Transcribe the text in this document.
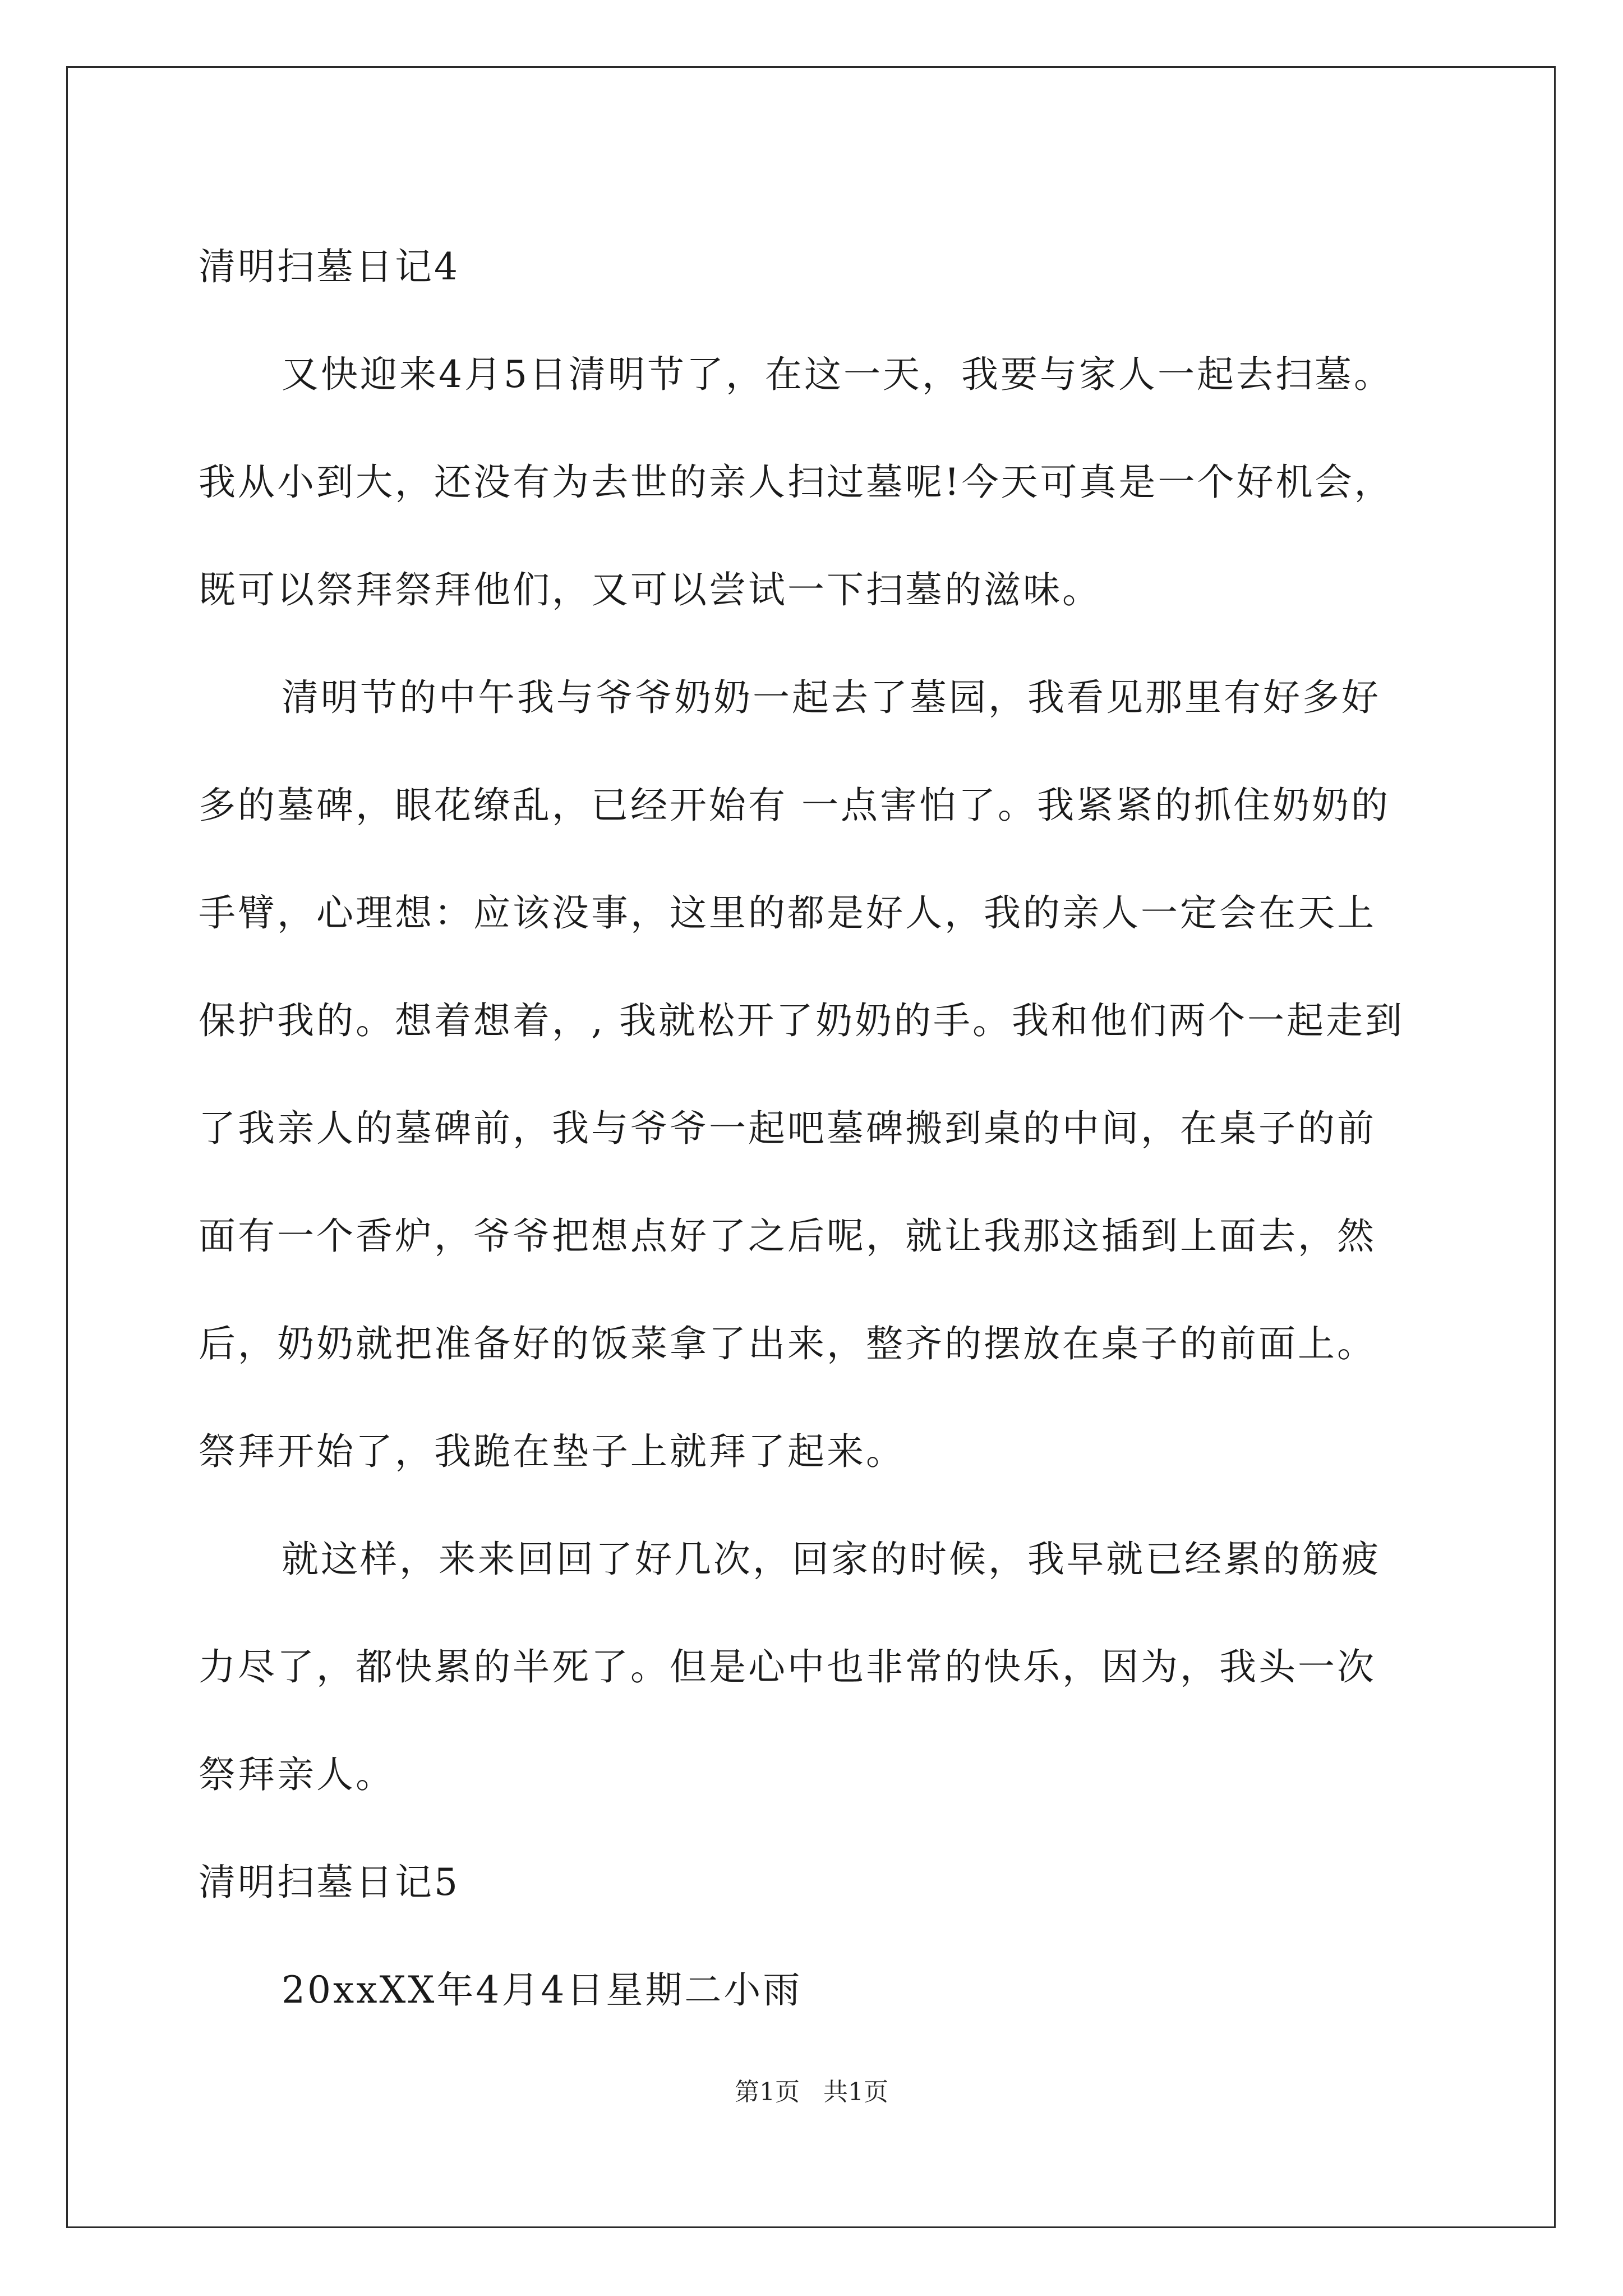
清明扫墓日记4
又快迎来4月5日清明节了，在这一天，我要与家人一起去扫墓。
我从小到大，还没有为去世的亲人扫过墓呢!今天可真是一个好机会，
既可以祭拜祭拜他们，又可以尝试一下扫墓的滋味。
清明节的中午我与爷爷奶奶一起去了墓园，我看见那里有好多好
多的墓碑，眼花缭乱，已经开始有 一点害怕了。我紧紧的抓住奶奶的
手臂，心理想：应该没事，这里的都是好人，我的亲人一定会在天上
保护我的。想着想着，, 我就松开了奶奶的手。我和他们两个一起走到
了我亲人的墓碑前，我与爷爷一起吧墓碑搬到桌的中间，在桌子的前
面有一个香炉，爷爷把想点好了之后呢，就让我那这插到上面去，然
后，奶奶就把准备好的饭菜拿了出来，整齐的摆放在桌子的前面上。
祭拜开始了，我跪在垫子上就拜了起来。
就这样，来来回回了好几次，回家的时候，我早就已经累的筋疲
力尽了，都快累的半死了。但是心中也非常的快乐，因为，我头一次
祭拜亲人。
清明扫墓日记5
20xxXX年4月4日星期二小雨
第1页 共1页
